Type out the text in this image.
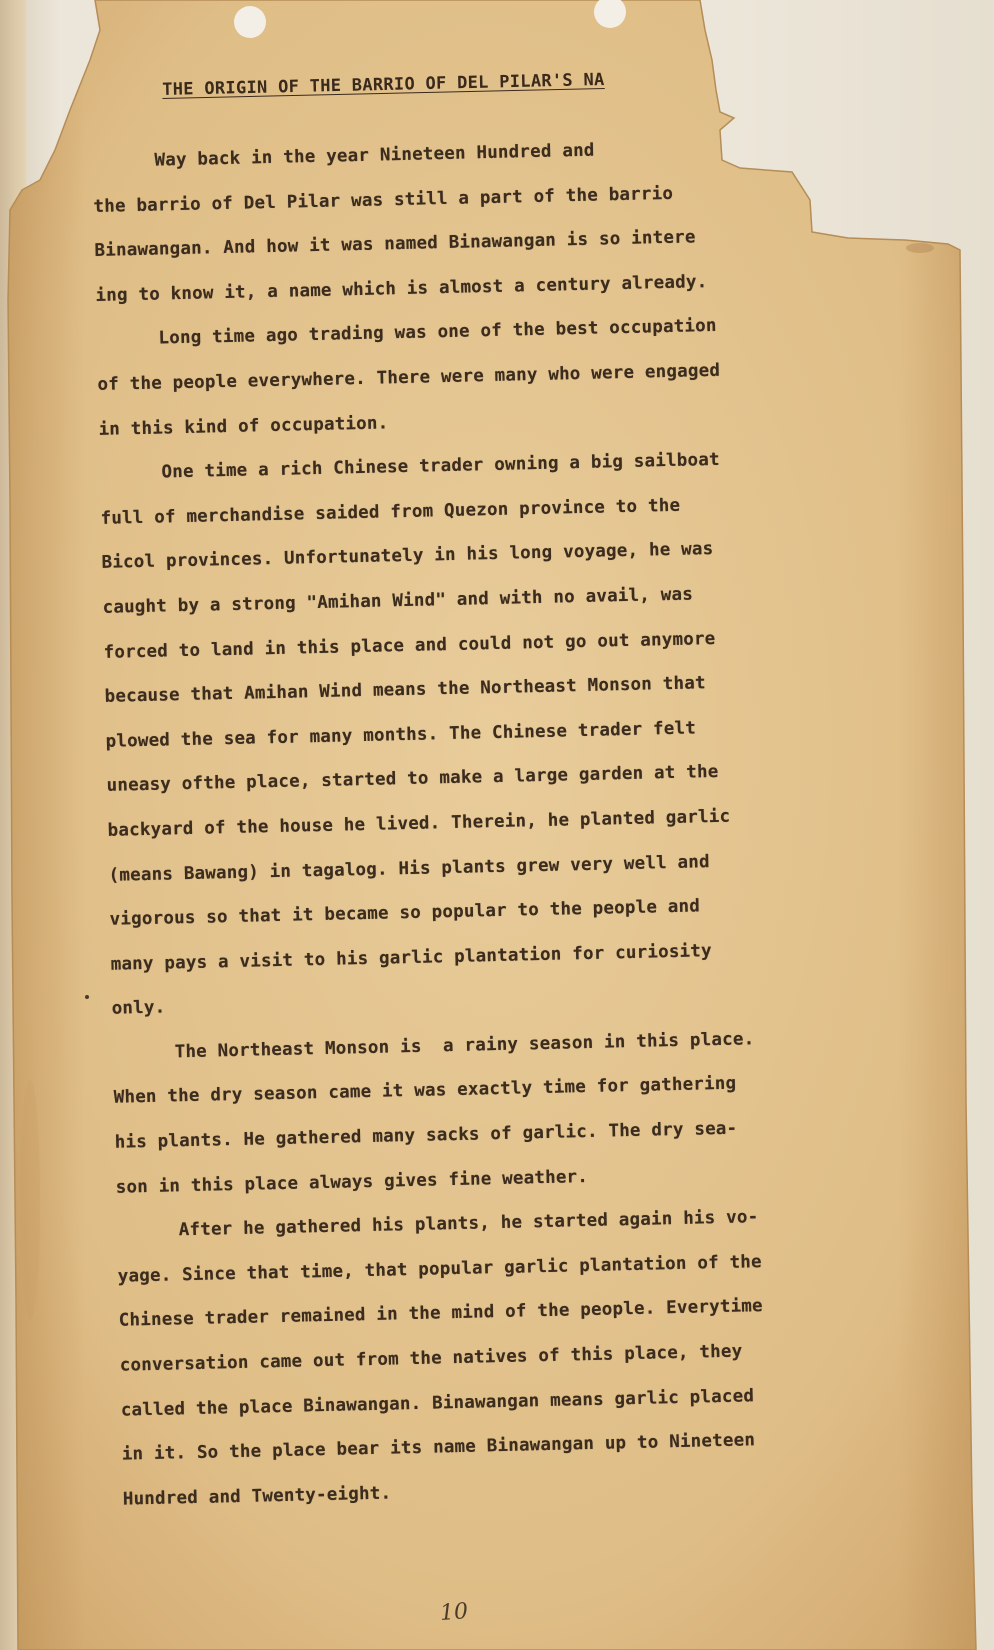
THE ORIGIN OF THE BARRIO OF DEL PILAR'S NA
Way back in the year Nineteen Hundred and
the barrio of Del Pilar was still a part of the barrio
Binawangan. And how it was named Binawangan is so intere
ing to know it, a name which is almost a century already.
Long time ago trading was one of the best occupation
of the people everywhere. There were many who were engaged
in this kind of occupation.
One time a rich Chinese trader owning a big sailboat
full of merchandise saided from Quezon province to the
Bicol provinces. Unfortunately in his long voyage, he was
caught by a strong "Amihan Wind" and with no avail, was
forced to land in this place and could not go out anymore
because that Amihan Wind means the Northeast Monson that
plowed the sea for many months. The Chinese trader felt
uneasy ofthe place, started to make a large garden at the
backyard of the house he lived. Therein, he planted garlic
(means Bawang) in tagalog. His plants grew very well and
vigorous so that it became so popular to the people and
many pays a visit to his garlic plantation for curiosity
only.
The Northeast Monson is  a rainy season in this place.
When the dry season came it was exactly time for gathering
his plants. He gathered many sacks of garlic. The dry sea-
son in this place always gives fine weather.
After he gathered his plants, he started again his vo-
yage. Since that time, that popular garlic plantation of the
Chinese trader remained in the mind of the people. Everytime
conversation came out from the natives of this place, they
called the place Binawangan. Binawangan means garlic placed
in it. So the place bear its name Binawangan up to Nineteen
Hundred and Twenty-eight.
10
